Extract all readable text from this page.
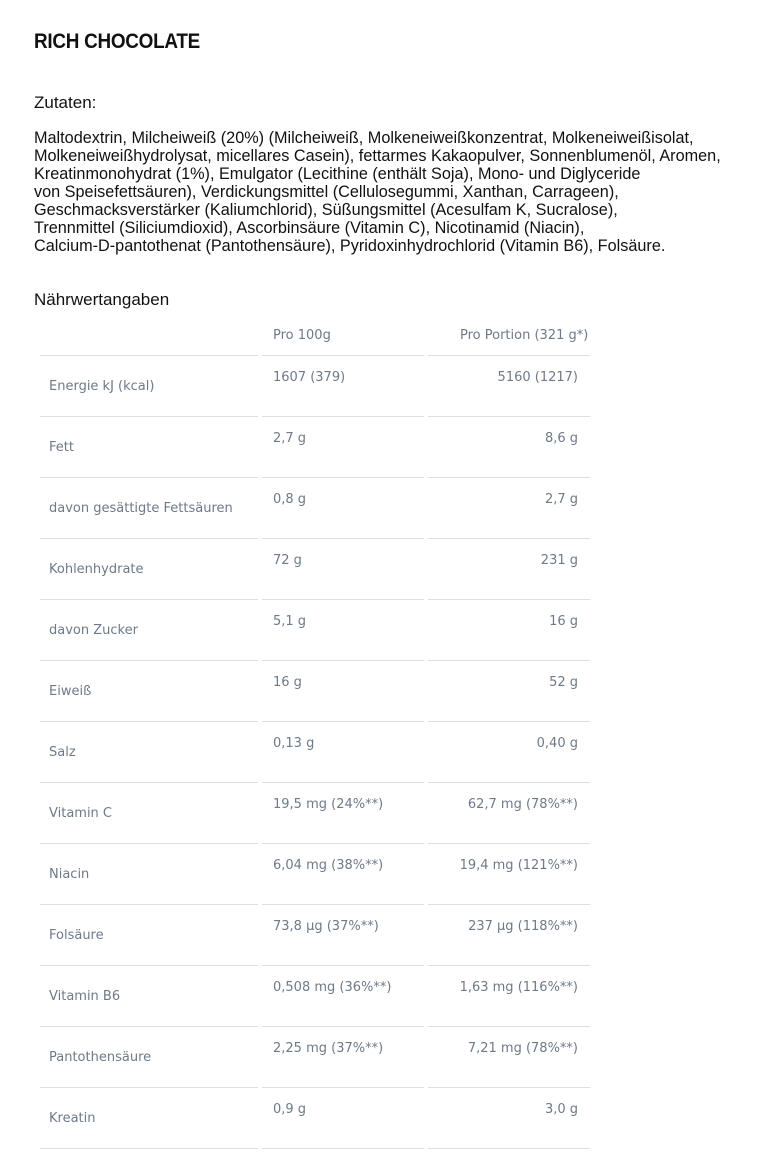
RICH CHOCOLATE
Zutaten:
Maltodextrin, Milcheiweiß (20%) (Milcheiweiß, Molkeneiweißkonzentrat, Molkeneiweißisolat,
Molkeneiweißhydrolysat, micellares Casein), fettarmes Kakaopulver, Sonnenblumenöl, Aromen,
Kreatinmonohydrat (1%), Emulgator (Lecithine (enthält Soja), Mono- und Diglyceride
von Speisefettsäuren), Verdickungsmittel (Cellulosegummi, Xanthan, Carrageen),
Geschmacksverstärker (Kaliumchlorid), Süßungsmittel (Acesulfam K, Sucralose),
Trennmittel (Siliciumdioxid), Ascorbinsäure (Vitamin C), Nicotinamid (Niacin),
Calcium-D-pantothenat (Pantothensäure), Pyridoxinhydrochlorid (Vitamin B6), Folsäure.
Nährwertangaben
		Pro 100g		Pro Portion (321 g*)
Energie kJ (kcal)		1607 (379)		5160 (1217)
Fett		2,7 g		8,6 g
davon gesättigte Fettsäuren		0,8 g		2,7 g
Kohlenhydrate		72 g		231 g
davon Zucker		5,1 g		16 g
Eiweiß		16 g		52 g
Salz		0,13 g		0,40 g
Vitamin C		19,5 mg (24%**)		62,7 mg (78%**)
Niacin		6,04 mg (38%**)		19,4 mg (121%**)
Folsäure		73,8 µg (37%**)		237 µg (118%**)
Vitamin B6		0,508 mg (36%**)		1,63 mg (116%**)
Pantothensäure		2,25 mg (37%**)		7,21 mg (78%**)
Kreatin		0,9 g		3,0 g
